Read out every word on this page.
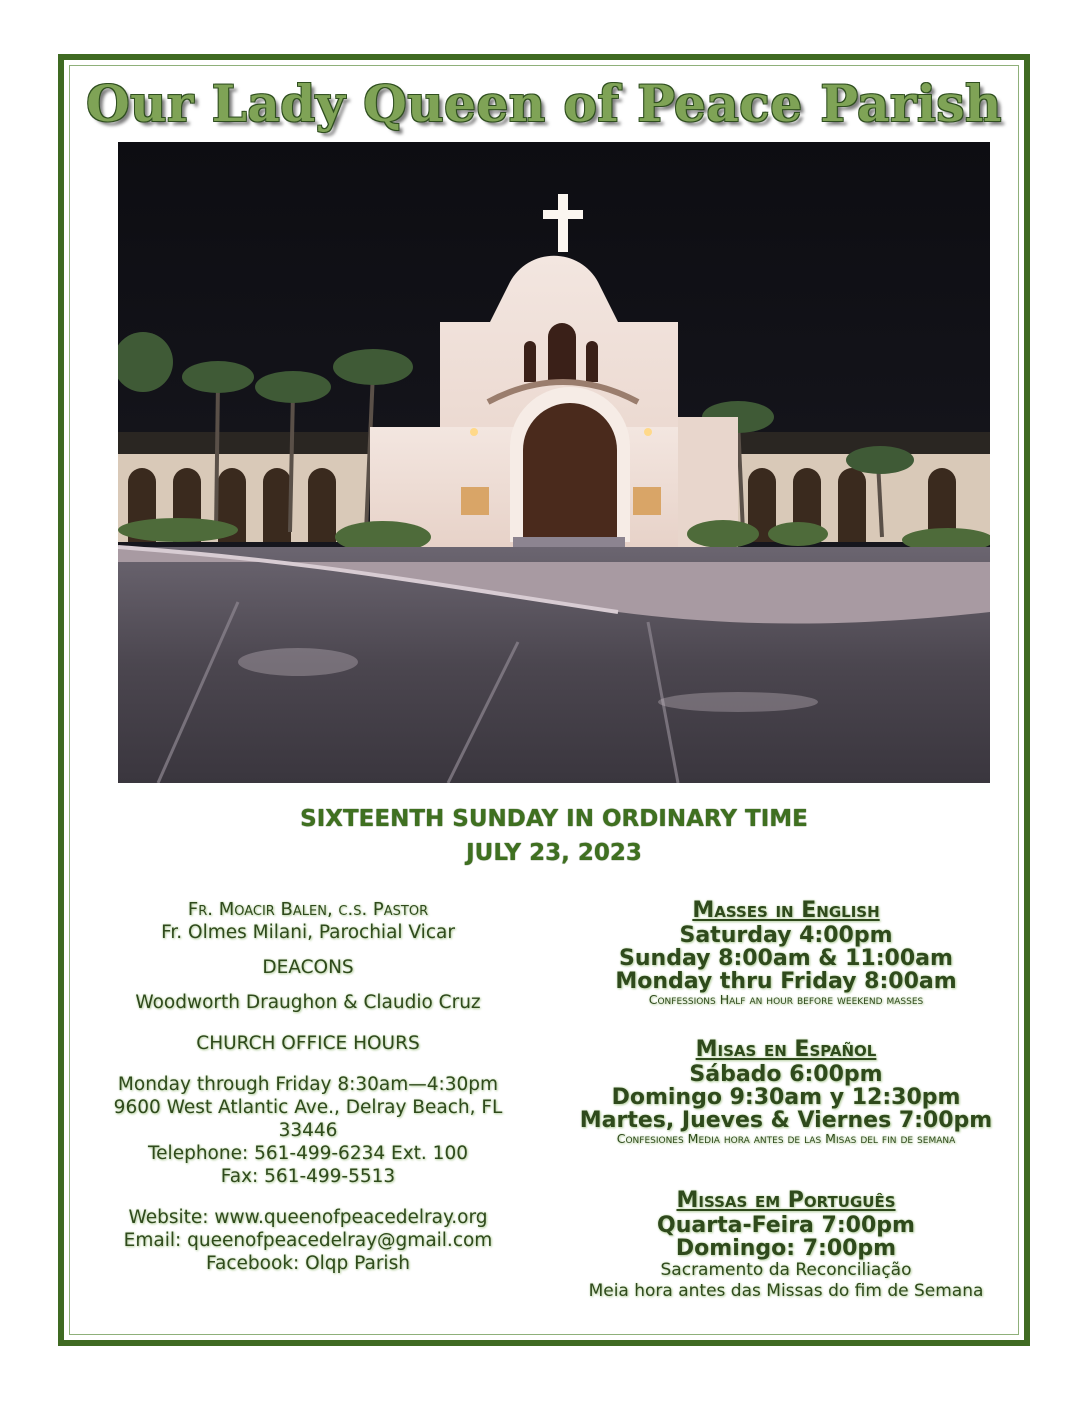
Our Lady Queen of Peace Parish
SIXTEENTH SUNDAY IN ORDINARY TIME
JULY 23, 2023
Fr. Moacir Balen, c.s. Pastor
Fr. Olmes Milani, Parochial Vicar
DEACONS
Woodworth Draughon & Claudio Cruz
CHURCH OFFICE HOURS
Monday through Friday 8:30am—4:30pm
9600 West Atlantic Ave., Delray Beach, FL
33446
Telephone: 561-499-6234 Ext. 100
Fax: 561-499-5513
Website: www.queenofpeacedelray.org
Email: queenofpeacedelray@gmail.com
Facebook: Olqp Parish
Masses in English
Saturday 4:00pm
Sunday 8:00am & 11:00am
Monday thru Friday 8:00am
Confessions Half an hour before weekend masses
Misas en Español
Sábado 6:00pm
Domingo 9:30am y 12:30pm
Martes, Jueves & Viernes 7:00pm
Confesiones Media hora antes de las Misas del fin de semana
Missas em Português
Quarta-Feira 7:00pm
Domingo: 7:00pm
Sacramento da Reconciliação
Meia hora antes das Missas do fim de Semana
